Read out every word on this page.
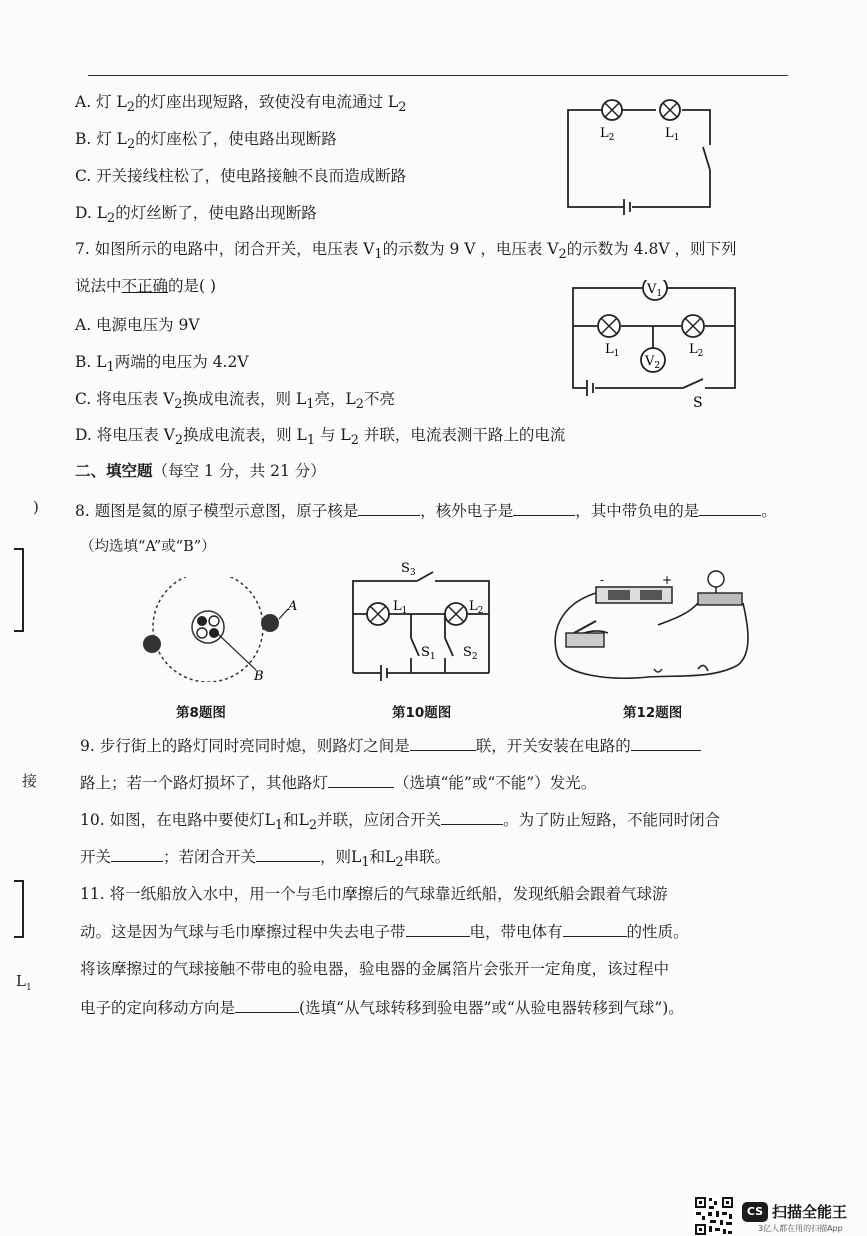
A. 灯 $L_2$的灯座出现短路，致使没有电流通过 $L_2$
B. 灯 $L_2$的灯座松了，使电路出现断路
C. 开关接线柱松了，使电路接触不良而造成断路
D. $L_2$的灯丝断了，使电路出现断路
$L_2$	$L_1$
7. 如图所示的电路中，闭合开关，电压表 $V_1$的示数为 9 V ，电压表 $V_2$的示数为 4.8V ，则下列
说法中不正确的是( )
A. 电源电压为 9V
B. $L_1$两端的电压为 4.2V
C. 将电压表 $V_2$换成电流表，则 $L_1$亮，$L_2$不亮
D. 将电压表 $V_2$换成电流表，则 $L_1$ 与 $L_2$ 并联，电流表测干路上的电流
$V_1$
$V_2$
$L_1$	$L_2$
S
二、填空题（每空 1 分，共 21 分）
8. 题图是氦的原子模型示意图，原子核是	，核外电子是	，其中带负电的是	。
（均选填“A”或“B”）
A
B
$S_3$
$L_1$	$L_2$
$S_1$ $S_2$
-	+
第8题图	第10题图	第12题图
9. 步行街上的路灯同时亮同时熄，则路灯之间是	联，开关安装在电路的
路上；若一个路灯损坏了，其他路灯	（选填“能”或“不能”）发光。
10. 如图，在电路中要使灯$L_1$和$L_2$并联，应闭合开关	。为了防止短路，不能同时闭合
开关	；若闭合开关	，则$L_1$和$L_2$串联。
11. 将一纸船放入水中，用一个与毛巾摩擦后的气球靠近纸船，发现纸船会跟着气球游
动。这是因为气球与毛巾摩擦过程中失去电子带	电，带电体有	的性质。
将该摩擦过的气球接触不带电的验电器，验电器的金属箔片会张开一定角度，该过程中
电子的定向移动方向是	(选填“从气球转移到验电器”或“从验电器转移到气球”)。
)
接
$L_1$
CS 扫描全能王
3亿人都在用的扫描App
